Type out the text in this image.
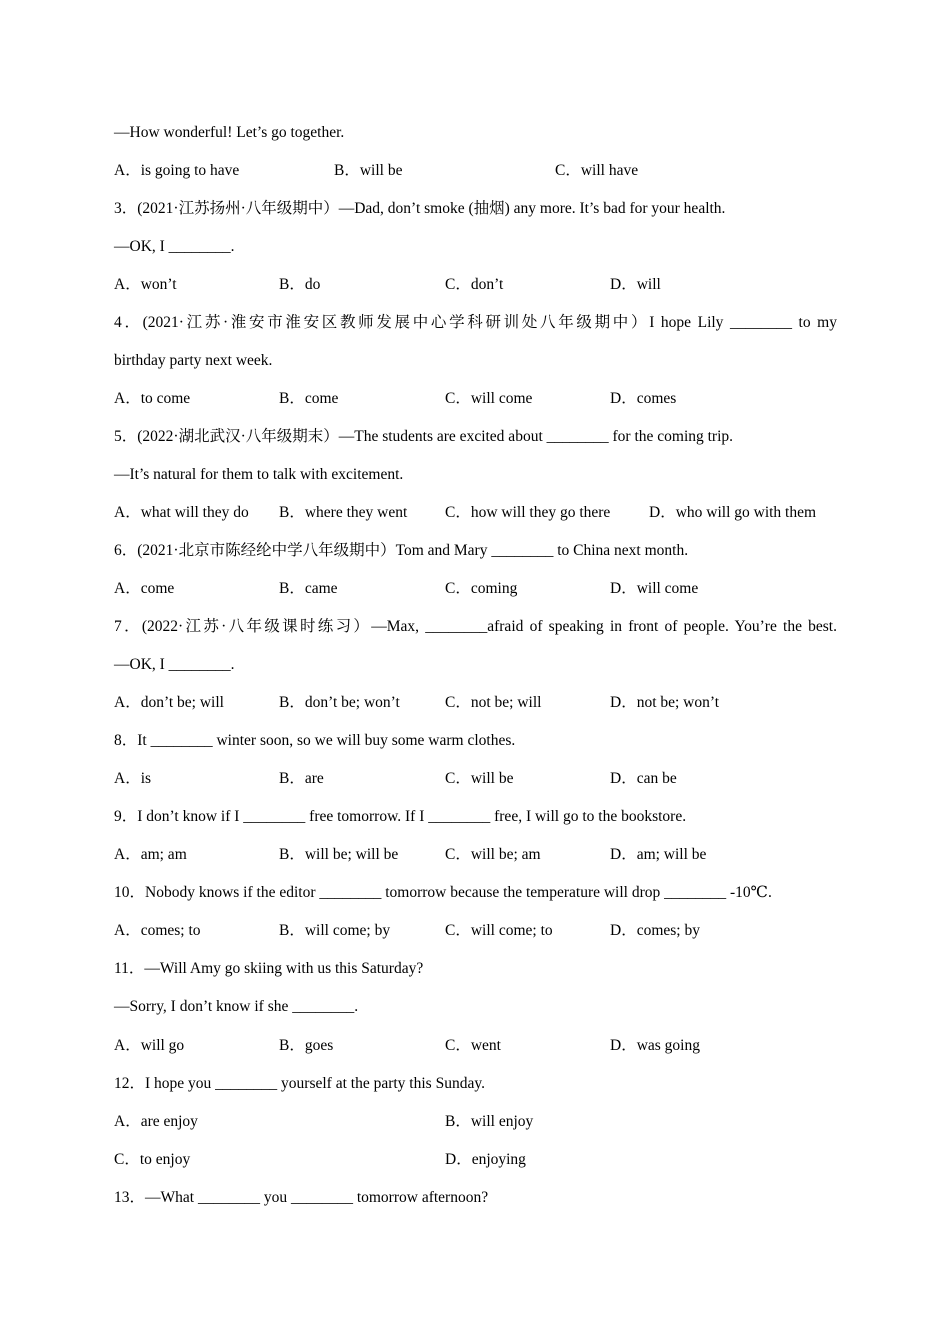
—How wonderful! Let’s go together.
A．is going to have	B．will be	C．will have
3．(2021·江苏扬州·八年级期中）—Dad, don’t smoke (抽烟) any more. It’s bad for your health.
—OK, I ________.
A．won’t	B．do	C．don’t	D．will
4．(2021·江苏·淮安市淮安区教师发展中心学科研训处八年级期中）I hope Lily ________ to my
birthday party next week.
A．to come	B．come	C．will come	D．comes
5．(2022·湖北武汉·八年级期末）—The students are excited about ________ for the coming trip.
—It’s natural for them to talk with excitement.
A．what will they do B．where they went C．how will they go there D．who will go with them
6．(2021·北京市陈经纶中学八年级期中）Tom and Mary ________ to China next month.
A．come	B．came	C．coming	D．will come
7．(2022·江苏·八年级课时练习）—Max, ________afraid of speaking in front of people. You’re the best.
—OK, I ________.
A．don’t be; will	B．don’t be; won’t	C．not be; will	D．not be; won’t
8．It ________ winter soon, so we will buy some warm clothes.
A．is	B．are	C．will be	D．can be
9．I don’t know if I ________ free tomorrow. If I ________ free, I will go to the bookstore.
A．am; am	B．will be; will be	C．will be; am	D．am; will be
10．Nobody knows if the editor ________ tomorrow because the temperature will drop ________ -10℃.
A．comes; to	B．will come; by	C．will come; to	D．comes; by
11．—Will Amy go skiing with us this Saturday?
—Sorry, I don’t know if she ________.
A．will go	B．goes	C．went	D．was going
12．I hope you ________ yourself at the party this Sunday.
A．are enjoy	B．will enjoy
C．to enjoy	D．enjoying
13．—What ________ you ________ tomorrow afternoon?
